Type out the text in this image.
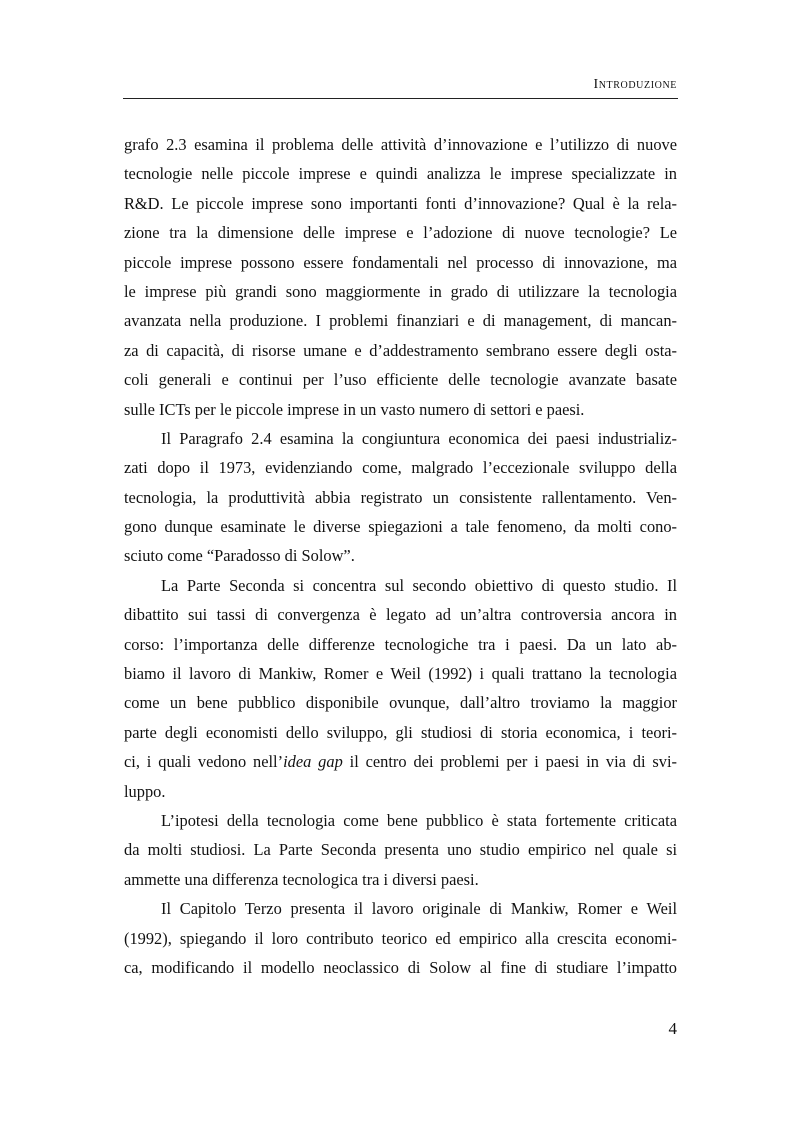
Introduzione
grafo 2.3 esamina il problema delle attività d’innovazione e l’utilizzo di nuove
tecnologie nelle piccole imprese e quindi analizza le imprese specializzate in
R&D. Le piccole imprese sono importanti fonti d’innovazione? Qual è la rela-
zione tra la dimensione delle imprese e l’adozione di nuove tecnologie? Le
piccole imprese possono essere fondamentali nel processo di innovazione, ma
le imprese più grandi sono maggiormente in grado di utilizzare la tecnologia
avanzata nella produzione. I problemi finanziari e di management, di mancan-
za di capacità, di risorse umane e d’addestramento sembrano essere degli osta-
coli generali e continui per l’uso efficiente delle tecnologie avanzate basate
sulle ICTs per le piccole imprese in un vasto numero di settori e paesi.
Il Paragrafo 2.4 esamina la congiuntura economica dei paesi industrializ-
zati dopo il 1973, evidenziando come, malgrado l’eccezionale sviluppo della
tecnologia, la produttività abbia registrato un consistente rallentamento. Ven-
gono dunque esaminate le diverse spiegazioni a tale fenomeno, da molti cono-
sciuto come “Paradosso di Solow”.
La Parte Seconda si concentra sul secondo obiettivo di questo studio. Il
dibattito sui tassi di convergenza è legato ad un’altra controversia ancora in
corso: l’importanza delle differenze tecnologiche tra i paesi. Da un lato ab-
biamo il lavoro di Mankiw, Romer e Weil (1992) i quali trattano la tecnologia
come un bene pubblico disponibile ovunque, dall’altro troviamo la maggior
parte degli economisti dello sviluppo, gli studiosi di storia economica, i teori-
ci, i quali vedono nell’idea gap il centro dei problemi per i paesi in via di svi-
luppo.
L’ipotesi della tecnologia come bene pubblico è stata fortemente criticata
da molti studiosi. La Parte Seconda presenta uno studio empirico nel quale si
ammette una differenza tecnologica tra i diversi paesi.
Il Capitolo Terzo presenta il lavoro originale di Mankiw, Romer e Weil
(1992), spiegando il loro contributo teorico ed empirico alla crescita economi-
ca, modificando il modello neoclassico di Solow al fine di studiare l’impatto
4
